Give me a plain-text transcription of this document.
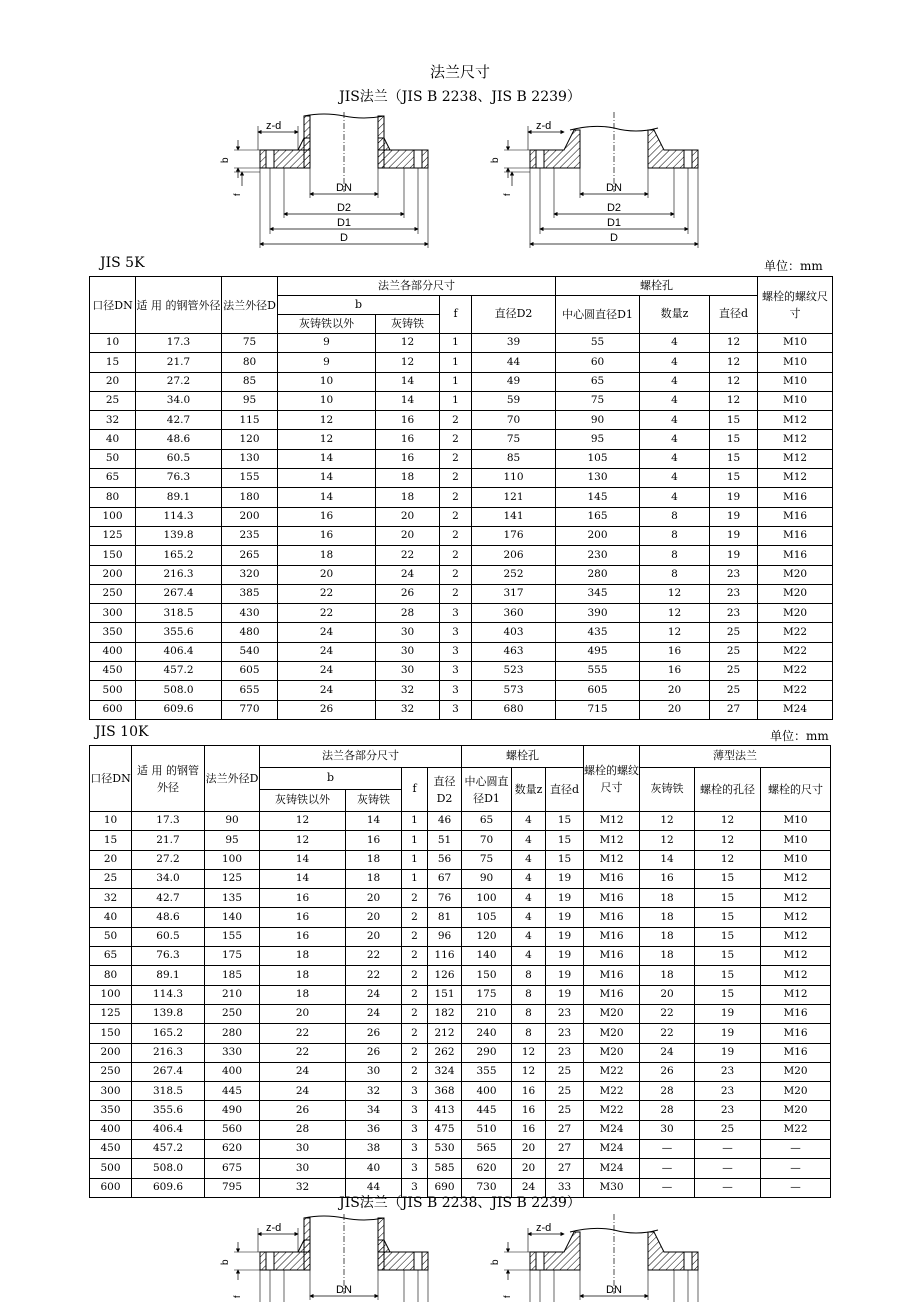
法兰尺寸
JIS法兰（JIS B 2238、JIS B 2239）
DN
D2
D1
D
z-d
b
f
DN
D2
D1
D
z-d
b
f
JIS 5K	单位：mm
口径DN	适 用 的钢管外径	法兰外径D	法兰各部分尺寸				螺栓孔			螺栓的螺纹尺寸
			b		f	直径D2	中心圆直径D1	数量z	直径d	
			灰铸铁以外	灰铸铁						
10	17.3	75	9	12	1	39	55	4	12	M10
15	21.7	80	9	12	1	44	60	4	12	M10
20	27.2	85	10	14	1	49	65	4	12	M10
25	34.0	95	10	14	1	59	75	4	12	M10
32	42.7	115	12	16	2	70	90	4	15	M12
40	48.6	120	12	16	2	75	95	4	15	M12
50	60.5	130	14	16	2	85	105	4	15	M12
65	76.3	155	14	18	2	110	130	4	15	M12
80	89.1	180	14	18	2	121	145	4	19	M16
100	114.3	200	16	20	2	141	165	8	19	M16
125	139.8	235	16	20	2	176	200	8	19	M16
150	165.2	265	18	22	2	206	230	8	19	M16
200	216.3	320	20	24	2	252	280	8	23	M20
250	267.4	385	22	26	2	317	345	12	23	M20
300	318.5	430	22	28	3	360	390	12	23	M20
350	355.6	480	24	30	3	403	435	12	25	M22
400	406.4	540	24	30	3	463	495	16	25	M22
450	457.2	605	24	30	3	523	555	16	25	M22
500	508.0	655	24	32	3	573	605	20	25	M22
600	609.6	770	26	32	3	680	715	20	27	M24
JIS 10K	单位：mm
口径DN	适 用 的钢管外径	法兰外径D	法兰各部分尺寸				螺栓孔			螺栓的螺纹尺寸	薄型法兰		
			b		f	直径D2	中心圆直径D1	数量z	直径d		灰铸铁	螺栓的孔径	螺栓的尺寸
			灰铸铁以外	灰铸铁									
10	17.3	90	12	14	1	46	65	4	15	M12	12	12	M10
15	21.7	95	12	16	1	51	70	4	15	M12	12	12	M10
20	27.2	100	14	18	1	56	75	4	15	M12	14	12	M10
25	34.0	125	14	18	1	67	90	4	19	M16	16	15	M12
32	42.7	135	16	20	2	76	100	4	19	M16	18	15	M12
40	48.6	140	16	20	2	81	105	4	19	M16	18	15	M12
50	60.5	155	16	20	2	96	120	4	19	M16	18	15	M12
65	76.3	175	18	22	2	116	140	4	19	M16	18	15	M12
80	89.1	185	18	22	2	126	150	8	19	M16	18	15	M12
100	114.3	210	18	24	2	151	175	8	19	M16	20	15	M12
125	139.8	250	20	24	2	182	210	8	23	M20	22	19	M16
150	165.2	280	22	26	2	212	240	8	23	M20	22	19	M16
200	216.3	330	22	26	2	262	290	12	23	M20	24	19	M16
250	267.4	400	24	30	2	324	355	12	25	M22	26	23	M20
300	318.5	445	24	32	3	368	400	16	25	M22	28	23	M20
350	355.6	490	26	34	3	413	445	16	25	M22	28	23	M20
400	406.4	560	28	36	3	475	510	16	27	M24	30	25	M22
450	457.2	620	30	38	3	530	565	20	27	M24	—	—	—
500	508.0	675	30	40	3	585	620	20	27	M24	—	—	—
600	609.6	795	32	44	3	690	730	24	33	M30	—	—	—
JIS法兰（JIS B 2238、JIS B 2239）
DN
z-d
b
f
DN
z-d
b
f
